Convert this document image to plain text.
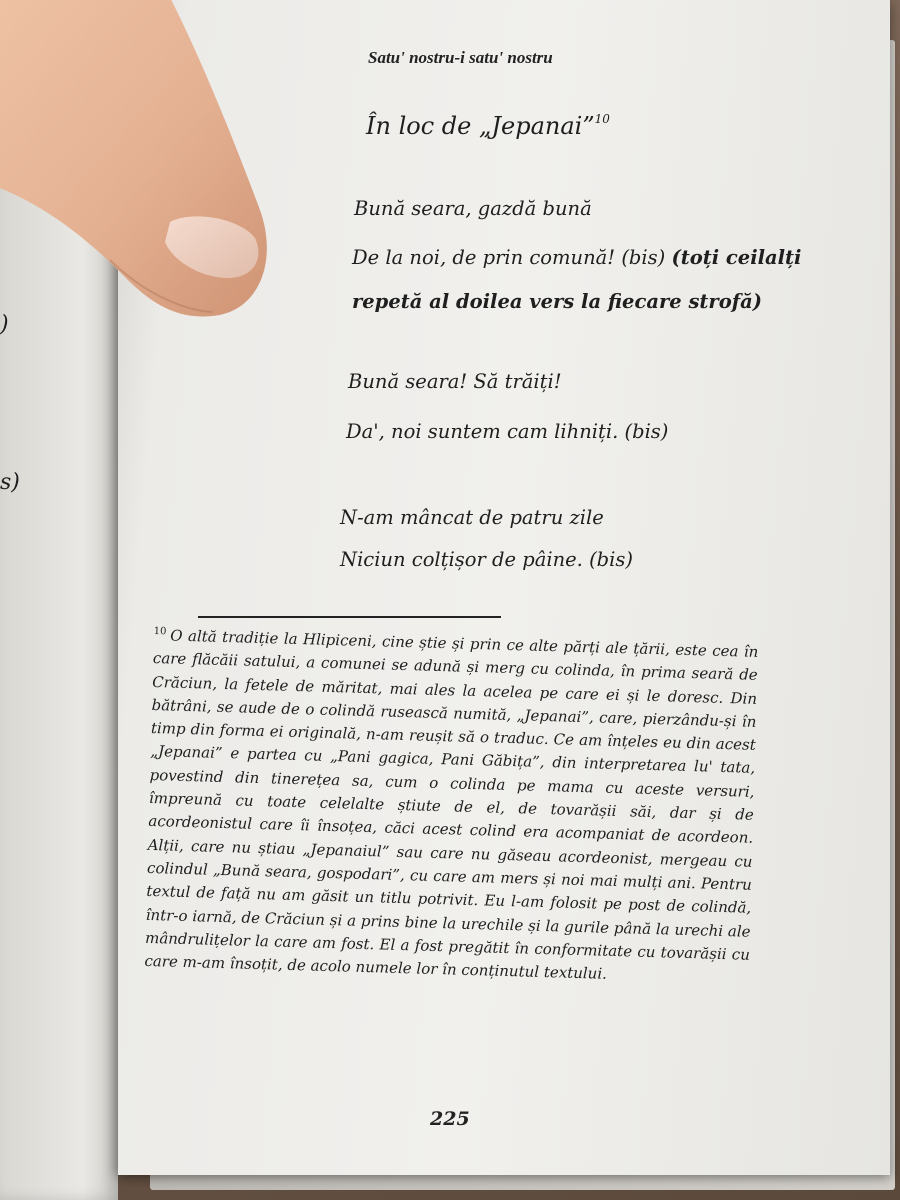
)
s)
Satu' nostru-i satu' nostru
În loc de „Jepanai”$^{10}$
Bună seara, gazdă bună
De la noi, de prin comună! (bis) (toți ceilalți
repetă al doilea vers la fiecare strofă)
Bună seara! Să trăiți!
Da', noi suntem cam lihniți. (bis)
N-am mâncat de patru zile
Niciun colțișor de pâine. (bis)
$^{10}$ O altă tradiție la Hlipiceni, cine știe și prin ce alte părți ale țării, este cea în care flăcăii satului, a comunei se adună și merg cu colinda, în prima seară de Crăciun, la fetele de măritat, mai ales la acelea pe care ei și le doresc. Din bătrâni, se aude de o colindă rusească numită, „Jepanai”, care, pierzându-și în timp din forma ei originală, n-am reușit să o traduc. Ce am înțeles eu din acest „Jepanai” e partea cu „Pani gagica, Pani Găbița”, din interpretarea lu' tata, povestind din tinerețea sa, cum o colinda pe mama cu aceste versuri, împreună cu toate celelalte știute de el, de tovarășii săi, dar și de acordeonistul care îi însoțea, căci acest colind era acompaniat de acordeon. Alții, care nu știau „Jepanaiul” sau care nu găseau acordeonist, mergeau cu colindul „Bună seara, gospodari”, cu care am mers și noi mai mulți ani. Pentru textul de față nu am găsit un titlu potrivit. Eu l-am folosit pe post de colindă, într-o iarnă, de Crăciun și a prins bine la urechile și la gurile până la urechi ale mândrulițelor la care am fost. El a fost pregătit în conformitate cu tovarășii cu care m-am însoțit, de acolo numele lor în conținutul textului.
225
